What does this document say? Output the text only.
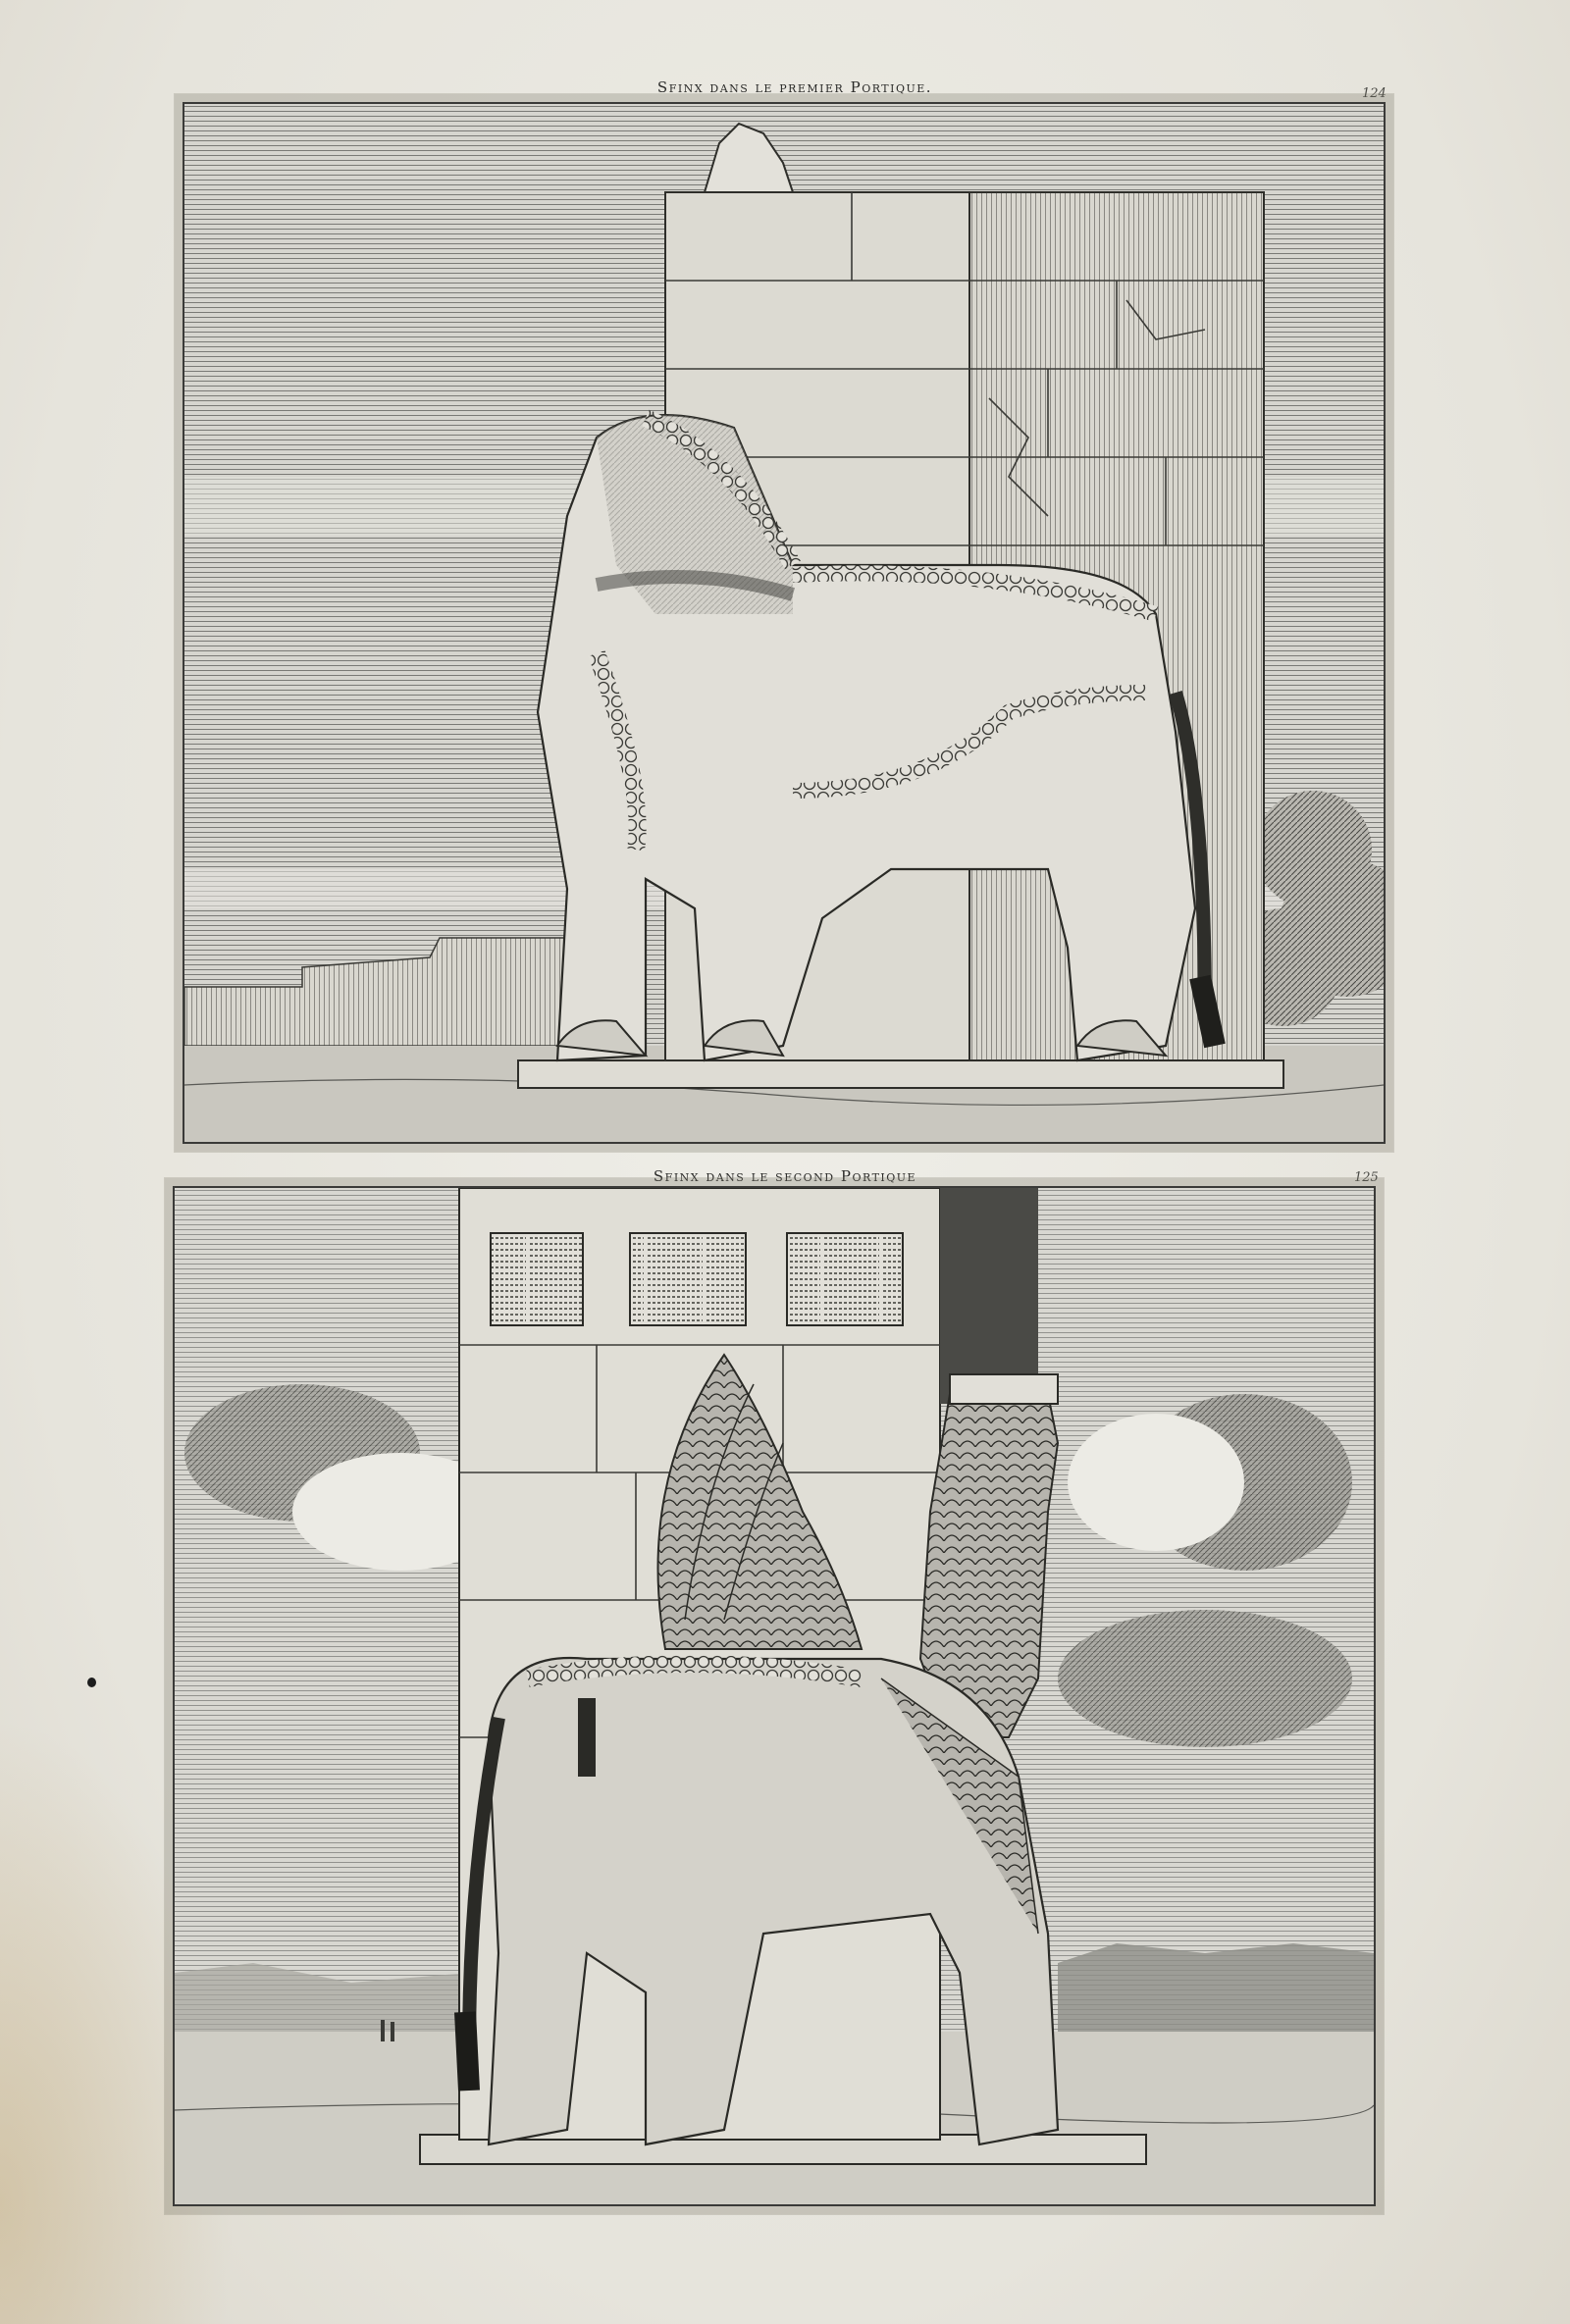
Sfinx dans le premier Portique.	124
Sfinx dans le second Portique	125
